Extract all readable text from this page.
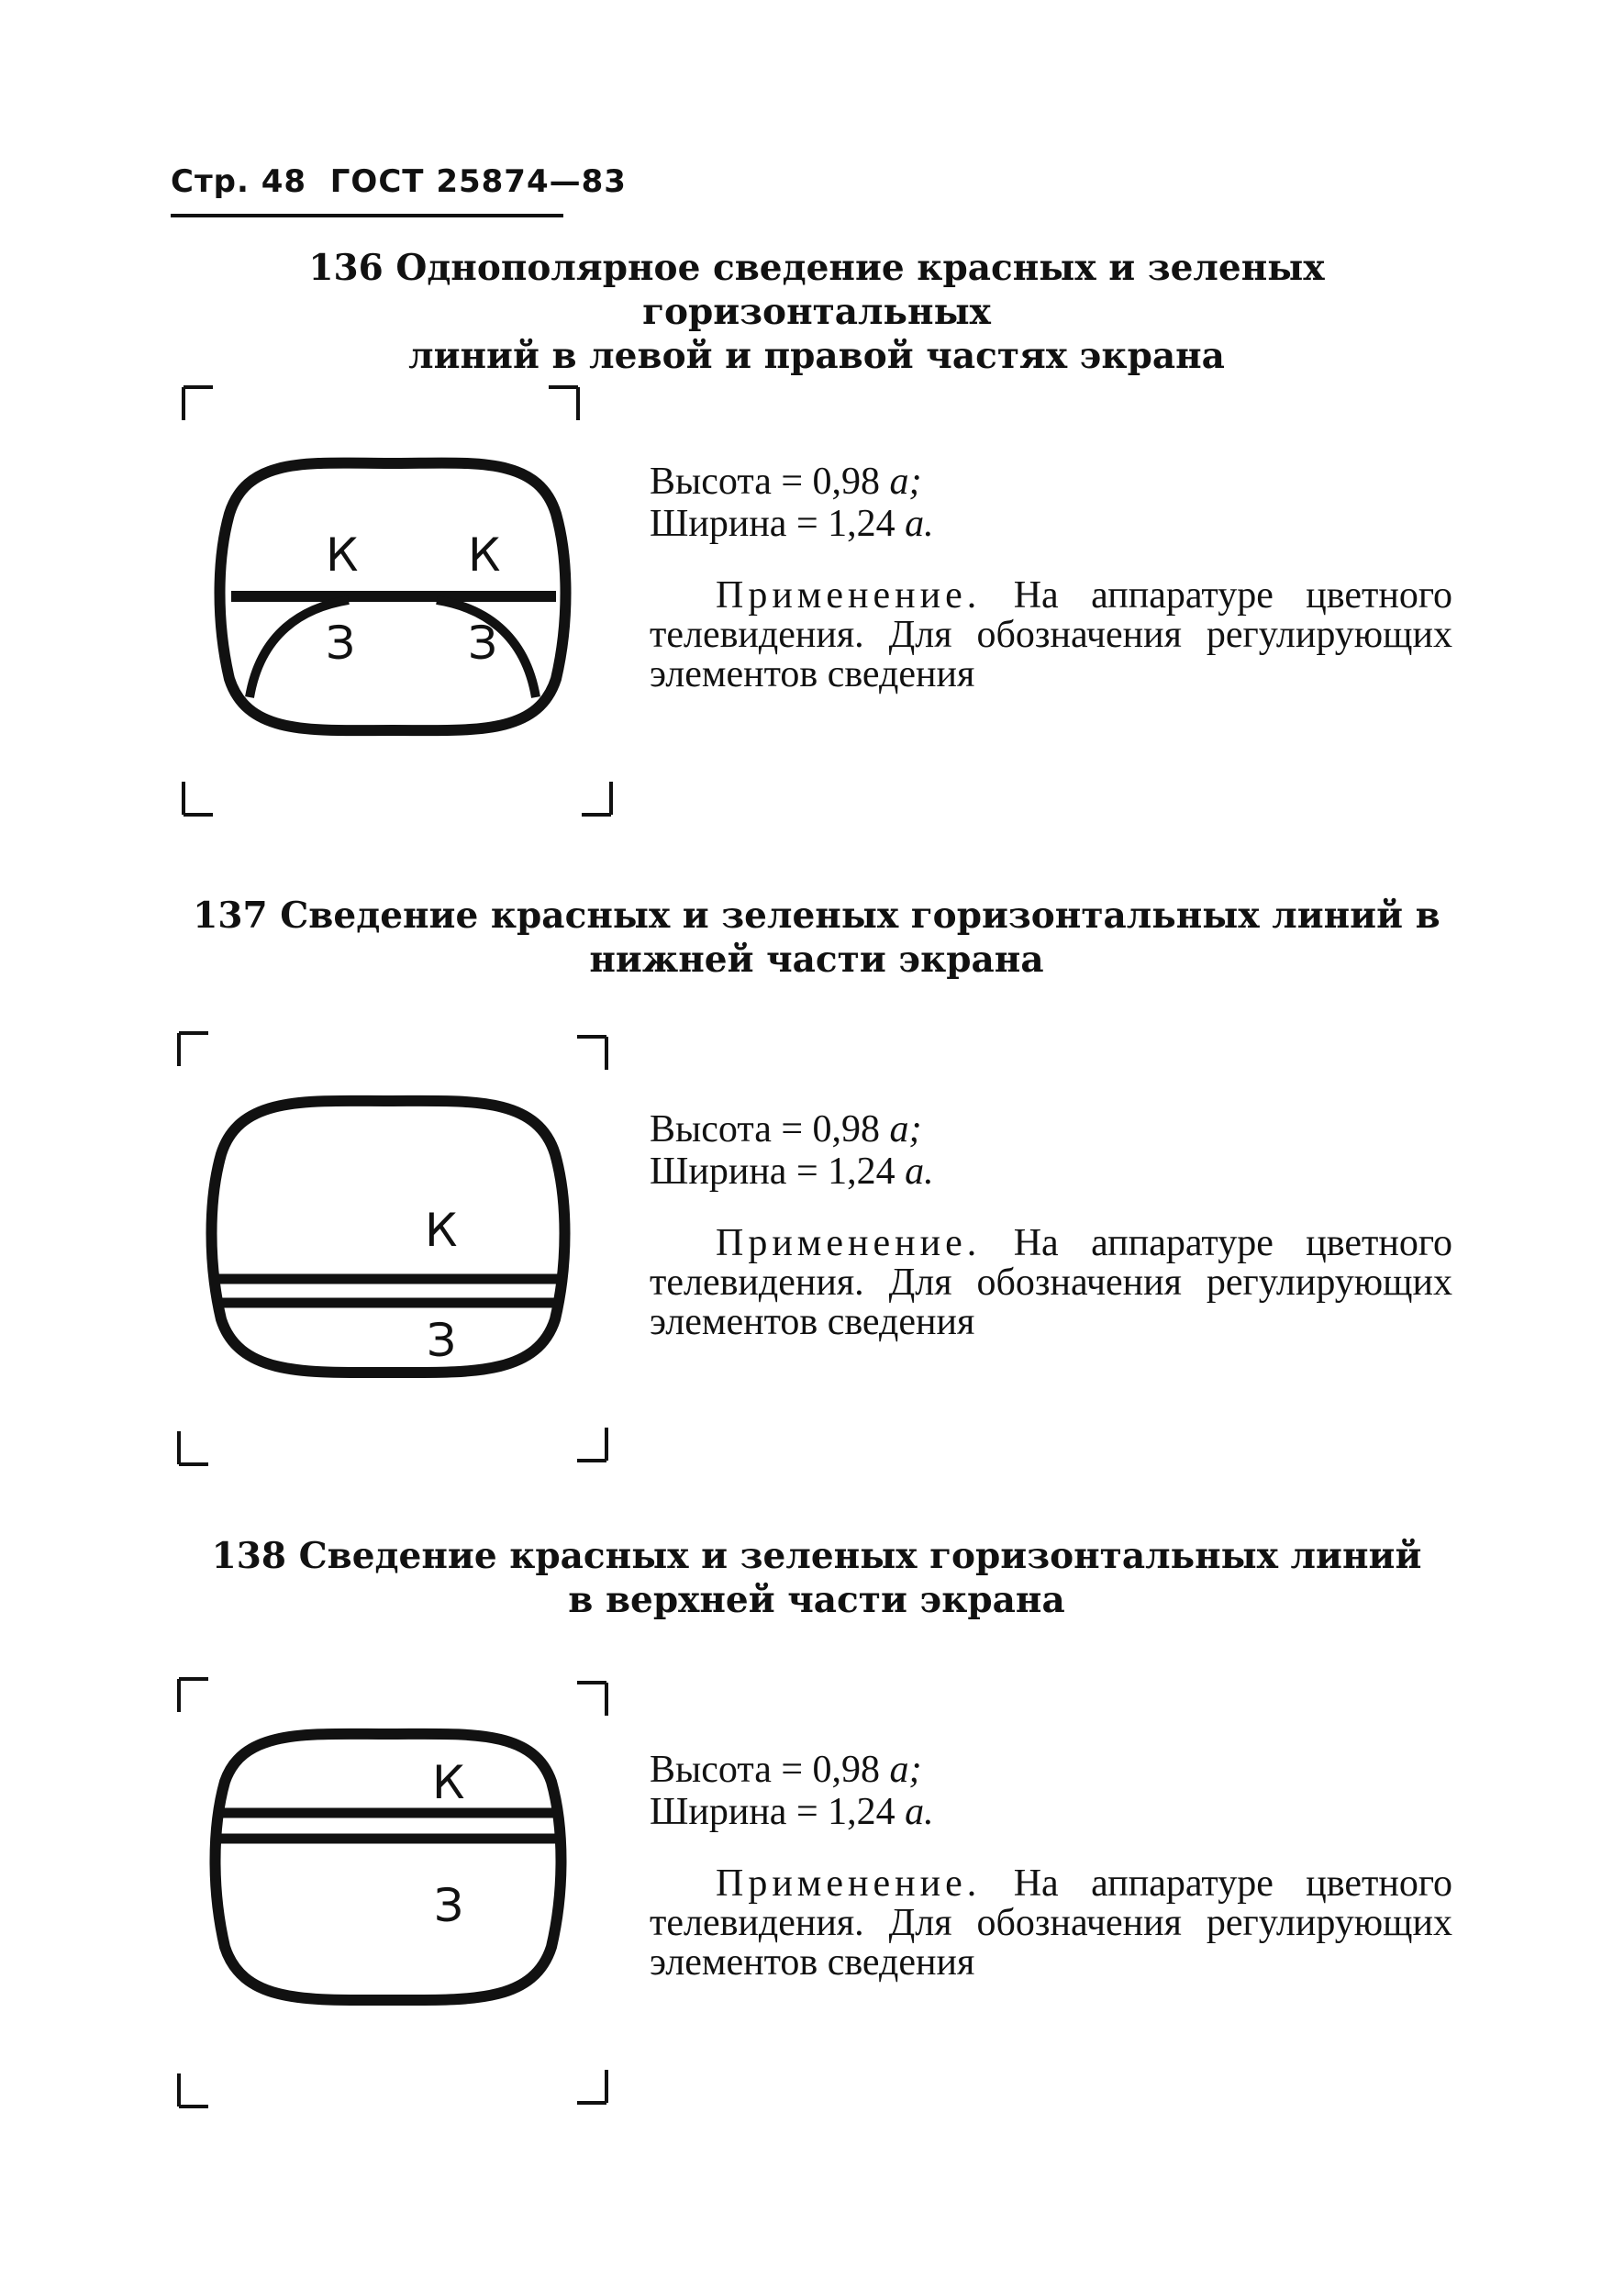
Стр. 48 ГОСТ 25874—83
136 Однополярное сведение красных и зеленых горизонтальных
линий в левой и правой частях экрана
К К
З З
Высота = 0,98 a;
Ширина = 1,24 a.
Применение. На аппаратуре цветного телевидения. Для обозначения регулирующих элементов сведения
137 Сведение красных и зеленых горизонтальных линий в
нижней части экрана
К
З
Высота = 0,98 a;
Ширина = 1,24 a.
Применение. На аппаратуре цветного телевидения. Для обозначения регулирующих элементов сведения
138 Сведение красных и зеленых горизонтальных линий
в верхней части экрана
К
З
Высота = 0,98 a;
Ширина = 1,24 a.
Применение. На аппаратуре цветного телевидения. Для обозначения регулирующих элементов сведения
